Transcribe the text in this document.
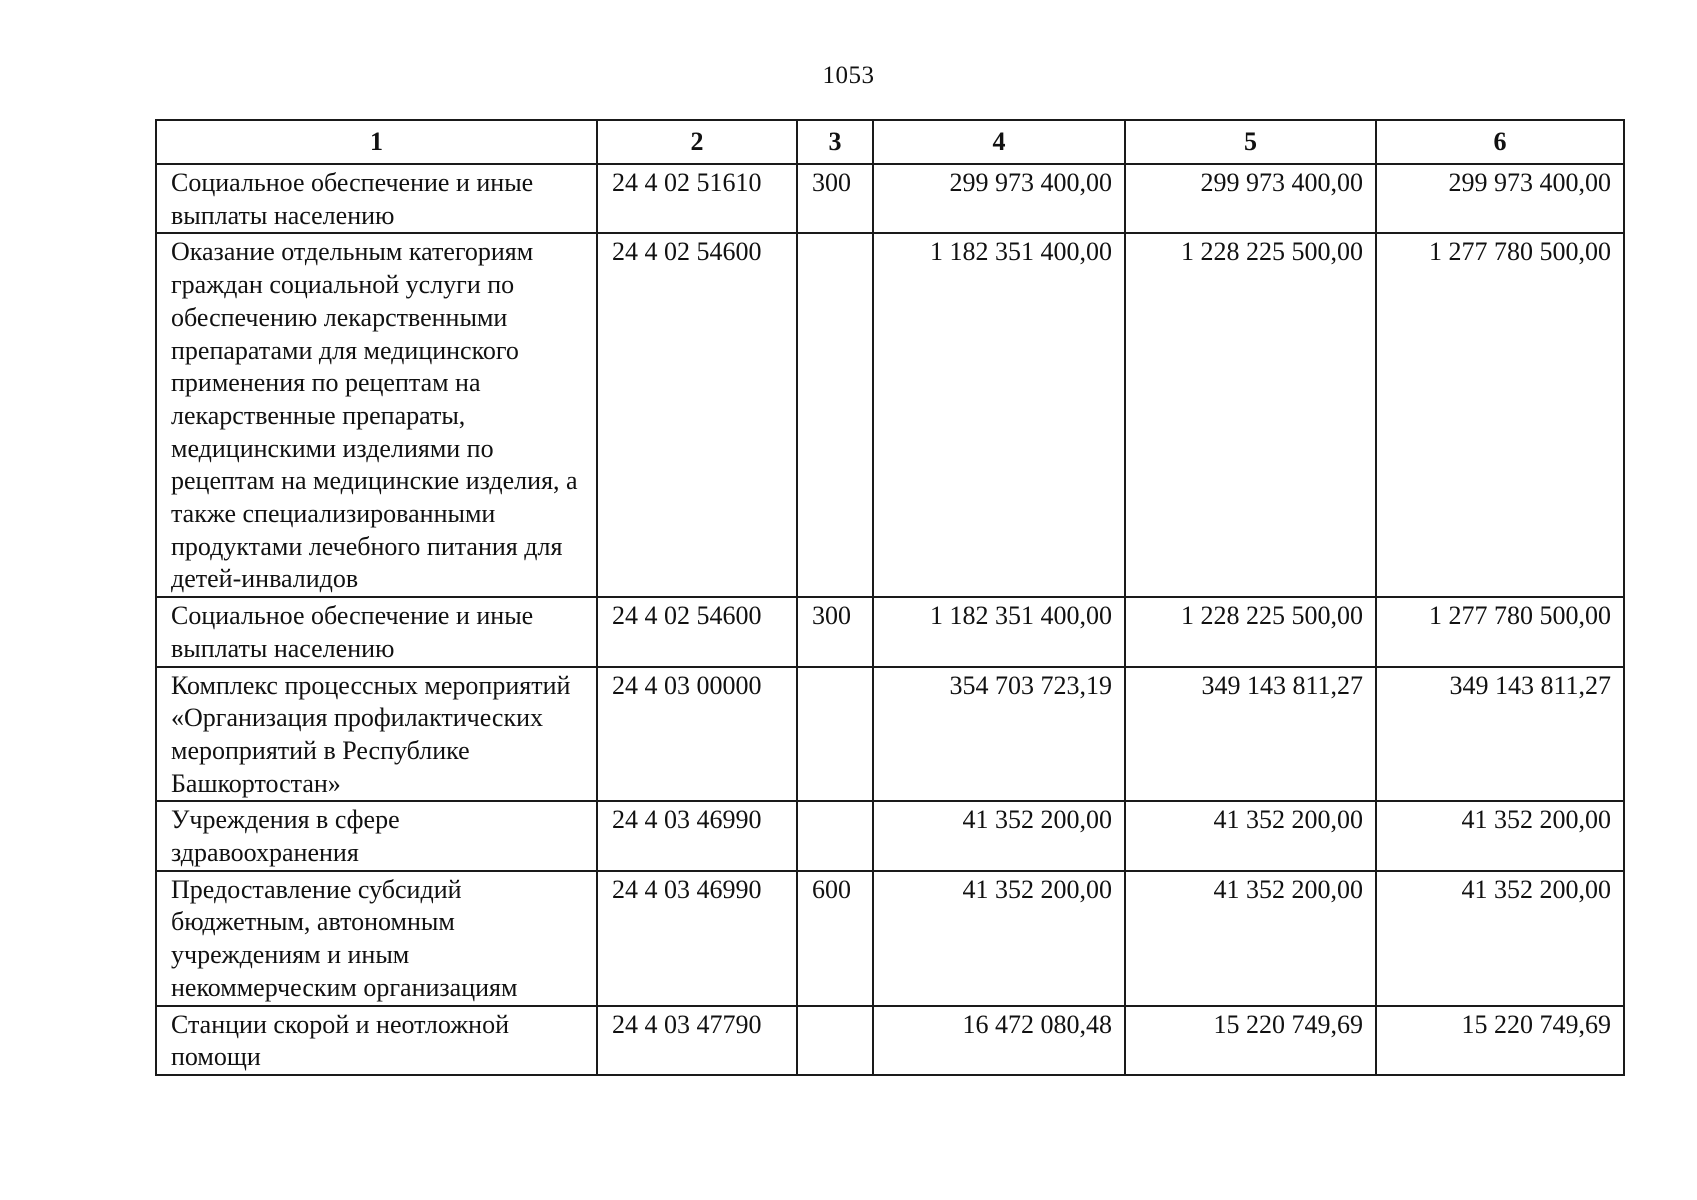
1053
1	2	3	4	5	6
Социальное обеспечение и иные выплаты населению	24 4 02 51610	300	299 973 400,00	299 973 400,00	299 973 400,00
Оказание отдельным категориям граждан социальной услуги по обеспечению лекарственными препаратами для медицинского применения по рецептам на лекарственные препараты, медицинскими изделиями по рецептам на медицинские изделия, а также специализированными продуктами лечебного питания для детей-инвалидов	24 4 02 54600		1 182 351 400,00	1 228 225 500,00	1 277 780 500,00
Социальное обеспечение и иные выплаты населению	24 4 02 54600	300	1 182 351 400,00	1 228 225 500,00	1 277 780 500,00
Комплекс процессных мероприятий «Организация профилактических мероприятий в Республике Башкортостан»	24 4 03 00000		354 703 723,19	349 143 811,27	349 143 811,27
Учреждения в сфере здравоохранения	24 4 03 46990		41 352 200,00	41 352 200,00	41 352 200,00
Предоставление субсидий бюджетным, автономным учреждениям и иным некоммерческим организациям	24 4 03 46990	600	41 352 200,00	41 352 200,00	41 352 200,00
Станции скорой и неотложной помощи	24 4 03 47790		16 472 080,48	15 220 749,69	15 220 749,69
